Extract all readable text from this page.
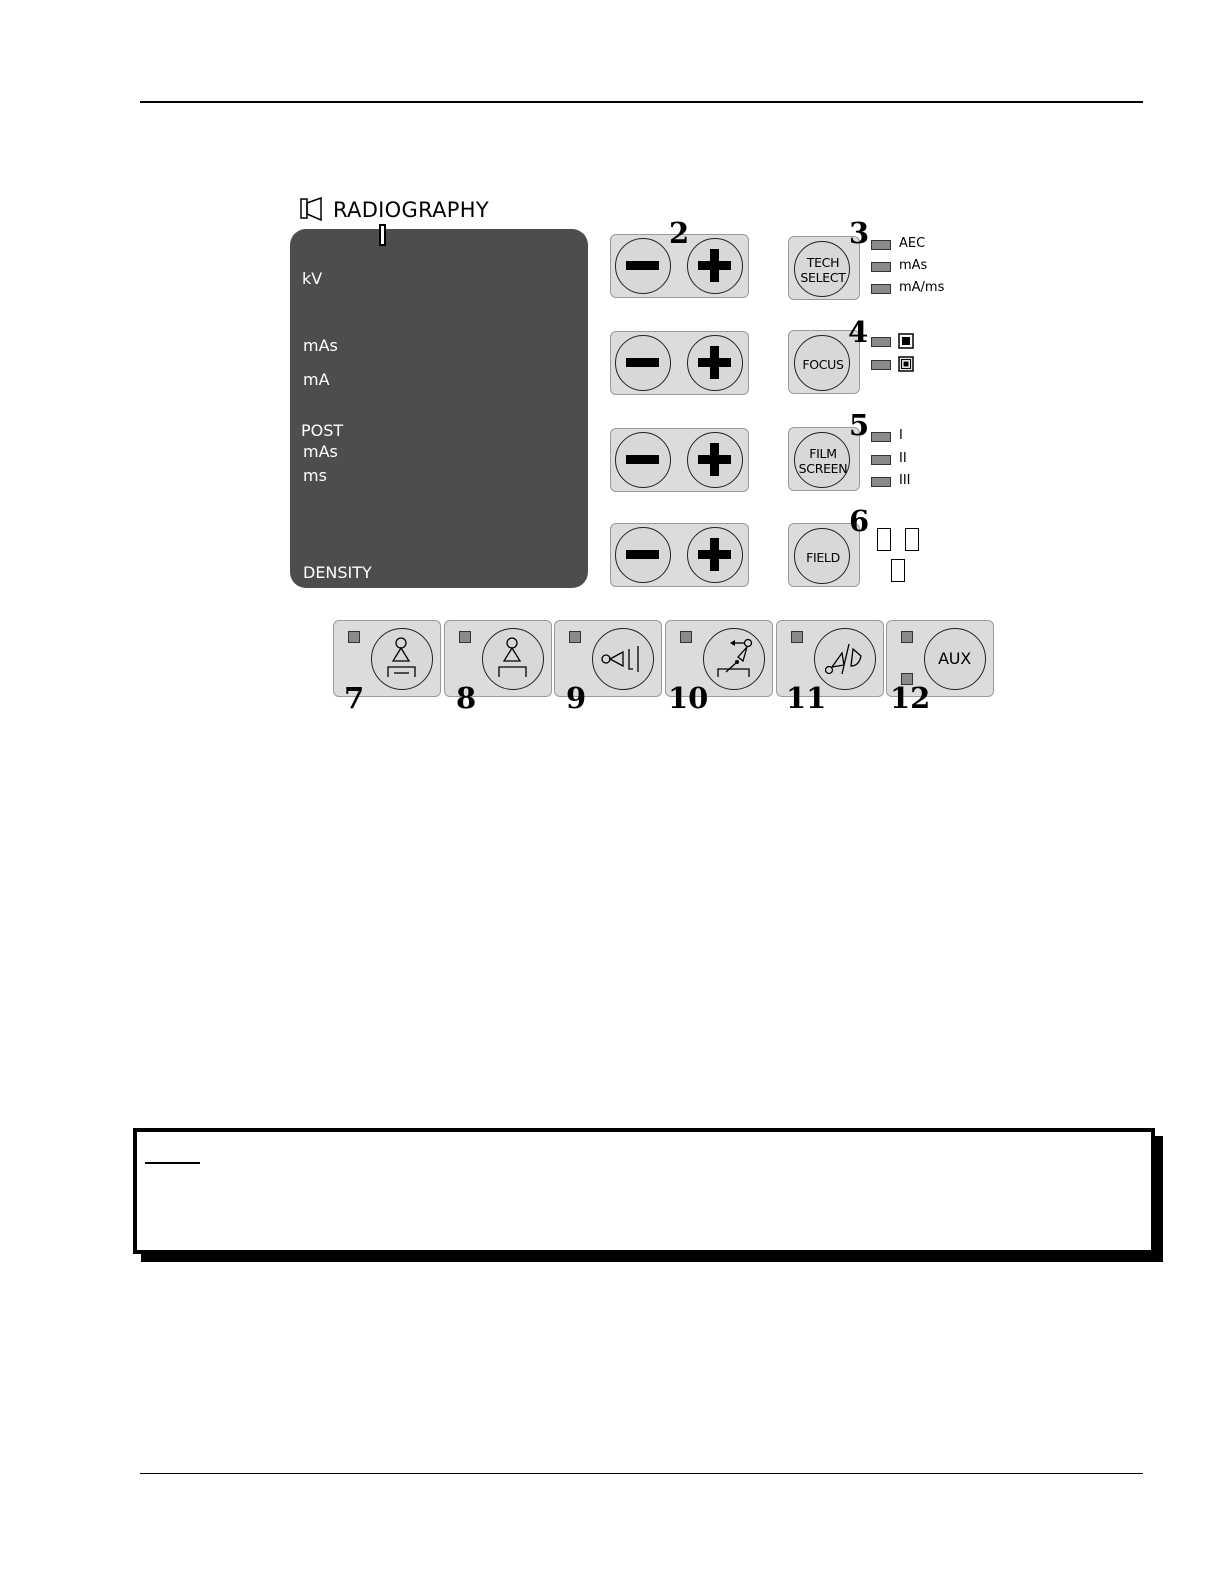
RADIOGRAPHY
kV
mAs
mA
POST
mAs
ms
DENSITY
2
TECH
SELECT
3 AEC
mAs
mA/ms
FOCUS
4
FILM
SCREEN
5 I
II
III
FIELD
6
AUX
7	8	9	10	11 12
